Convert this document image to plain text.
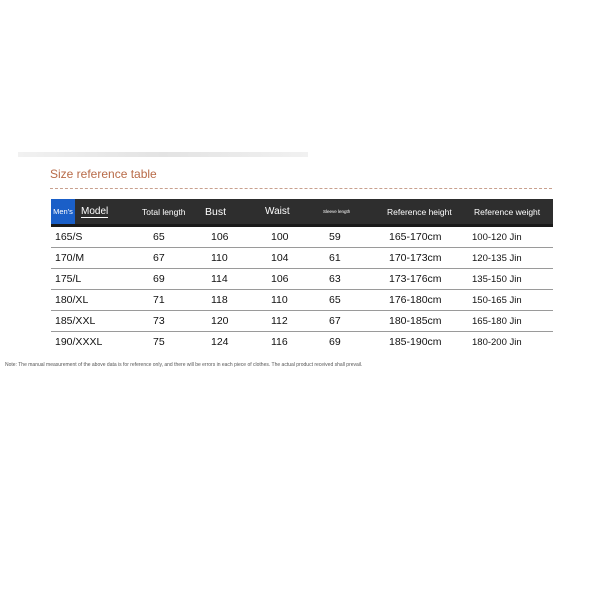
Size reference table
Men's	Model	Total length	Bust	Waist	Sleeve length	Reference height	Reference weight
165/S		65	106	100	59	165-170cm	100-120 Jin
170/M		67	110	104	61	170-173cm	120-135 Jin
175/L		69	114	106	63	173-176cm	135-150 Jin
180/XL		71	118	110	65	176-180cm	150-165 Jin
185/XXL		73	120	112	67	180-185cm	165-180 Jin
190/XXXL		75	124	116	69	185-190cm	180-200 Jin
Note: The manual measurement of the above data is for reference only, and there will be errors in each piece of clothes. The actual product received shall prevail.
